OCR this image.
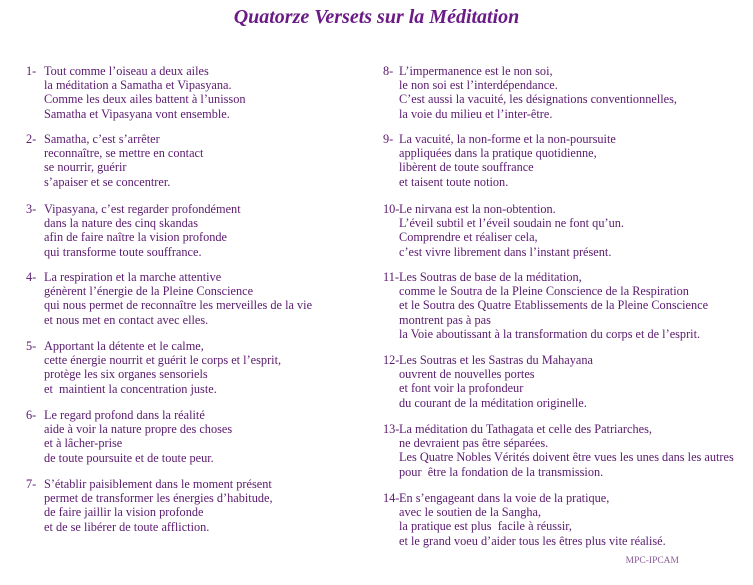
Quatorze Versets sur la Méditation
1- Tout comme l’oiseau a deux ailes
la méditation a Samatha et Vipasyana.
Comme les deux ailes battent à l’unisson
Samatha et Vipasyana vont ensemble.
2- Samatha, c’est s’arrêter
reconnaître, se mettre en contact
se nourrir, guérir
s’apaiser et se concentrer.
3- Vipasyana, c’est regarder profondément
dans la nature des cinq skandas
afin de faire naître la vision profonde
qui transforme toute souffrance.
4- La respiration et la marche attentive
génèrent l’énergie de la Pleine Conscience
qui nous permet de reconnaître les merveilles de la vie
et nous met en contact avec elles.
5- Apportant la détente et le calme,
cette énergie nourrit et guérit le corps et l’esprit,
protège les six organes sensoriels
et  maintient la concentration juste.
6- Le regard profond dans la réalité
aide à voir la nature propre des choses
et à lâcher-prise
de toute poursuite et de toute peur.
7- S’établir paisiblement dans le moment présent
permet de transformer les énergies d’habitude,
de faire jaillir la vision profonde
et de se libérer de toute affliction.
8- L’impermanence est le non soi,
le non soi est l’interdépendance.
C’est aussi la vacuité, les désignations conventionnelles,
la voie du milieu et l’inter-être.
9- La vacuité, la non-forme et la non-poursuite
appliquées dans la pratique quotidienne,
libèrent de toute souffrance
et taisent toute notion.
10- Le nirvana est la non-obtention.
L’éveil subtil et l’éveil soudain ne font qu’un.
Comprendre et réaliser cela,
c’est vivre librement dans l’instant présent.
11- Les Soutras de base de la méditation,
comme le Soutra de la Pleine Conscience de la Respiration
et le Soutra des Quatre Etablissements de la Pleine Conscience
montrent pas à pas
la Voie aboutissant à la transformation du corps et de l’esprit.
12- Les Soutras et les Sastras du Mahayana
ouvrent de nouvelles portes
et font voir la profondeur
du courant de la méditation originelle.
13- La méditation du Tathagata et celle des Patriarches,
ne devraient pas être séparées.
Les Quatre Nobles Vérités doivent être vues les unes dans les autres
pour  être la fondation de la transmission.
14- En s’engageant dans la voie de la pratique,
avec le soutien de la Sangha,
la pratique est plus  facile à réussir,
et le grand voeu d’aider tous les êtres plus vite réalisé.
MPC-IPCAM
